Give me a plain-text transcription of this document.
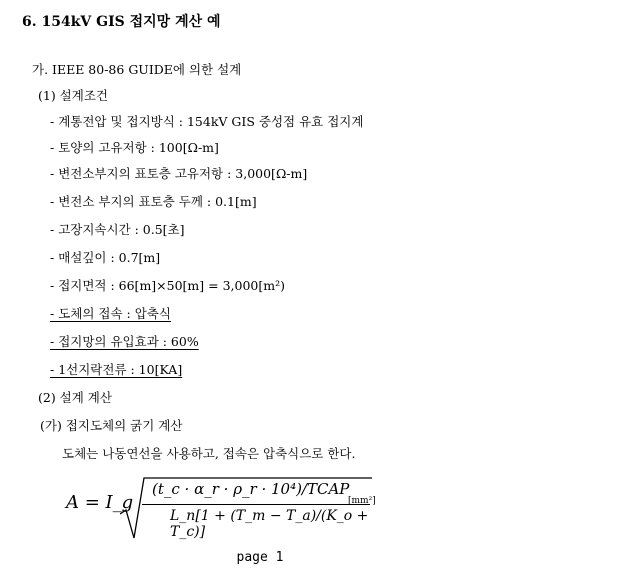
6. 154kV GIS 접지망 계산 예
가. IEEE 80-86 GUIDE에 의한 설계
(1) 설계조건
- 계통전압 및 접지방식 : 154kV GIS 중성점 유효 접지계
- 토양의 고유저항 : 100[Ω-m]
- 변전소부지의 표토층 고유저항 : 3,000[Ω-m]
- 변전소 부지의 표토층 두께 : 0.1[m]
- 고장지속시간 : 0.5[초]
- 매설깊이 : 0.7[m]
- 접지면적 : 66[m]×50[m] = 3,000[m²)
- 도체의 접속 : 압축식
- 접지망의 유입효과 : 60%
- 1선지락전류 : 10[KA]
(2) 설계 계산
(가) 접지도체의 굵기 계산
도체는 나동연선을 사용하고, 접속은 압축식으로 한다.
A = I_g
(t_c · α_r · ρ_r · 10⁴)/TCAP
L_n[1 + (T_m − T_a)/(K_o + T_c)]
[mm²]
page 1
